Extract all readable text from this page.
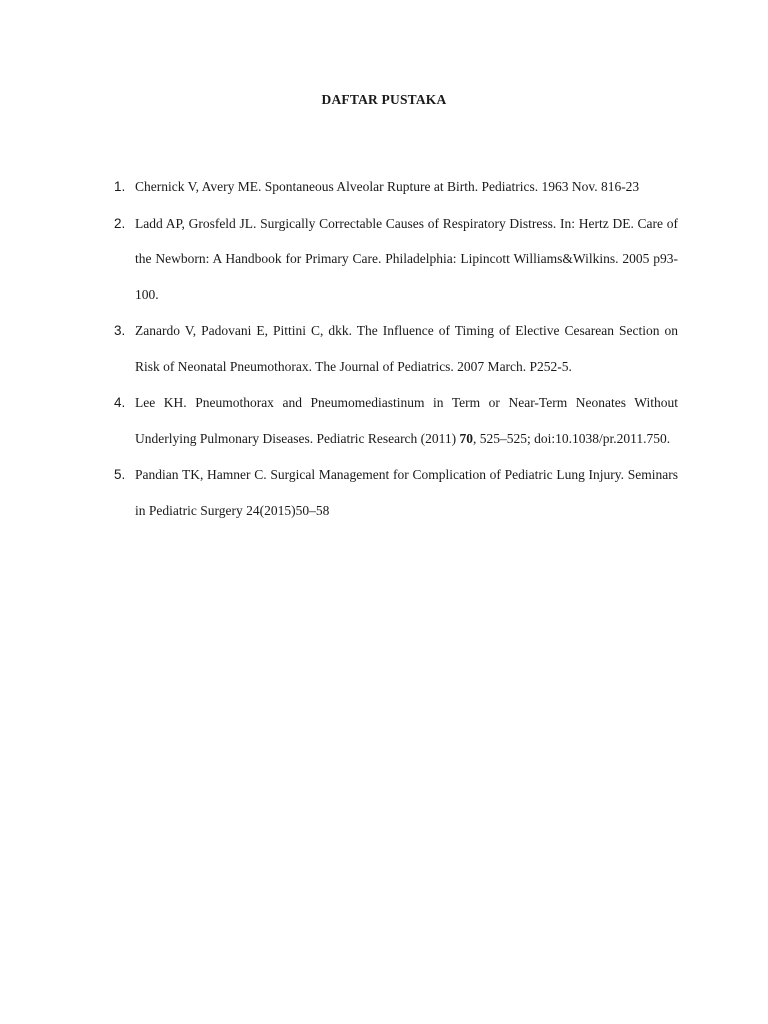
DAFTAR PUSTAKA
1. Chernick V, Avery ME. Spontaneous Alveolar Rupture at Birth. Pediatrics. 1963 Nov. 816-23
2. Ladd AP, Grosfeld JL. Surgically Correctable Causes of Respiratory Distress. In: Hertz DE. Care of the Newborn: A Handbook for Primary Care. Philadelphia: Lipincott Williams&Wilkins. 2005 p93-100.
3. Zanardo V, Padovani E, Pittini C, dkk. The Influence of Timing of Elective Cesarean Section on Risk of Neonatal Pneumothorax. The Journal of Pediatrics. 2007 March. P252-5.
4. Lee KH. Pneumothorax and Pneumomediastinum in Term or Near-Term Neonates Without Underlying Pulmonary Diseases. Pediatric Research (2011) 70, 525–525; doi:10.1038/pr.2011.750.
5. Pandian TK, Hamner C. Surgical Management for Complication of Pediatric Lung Injury. Seminars in Pediatric Surgery 24(2015)50–58
